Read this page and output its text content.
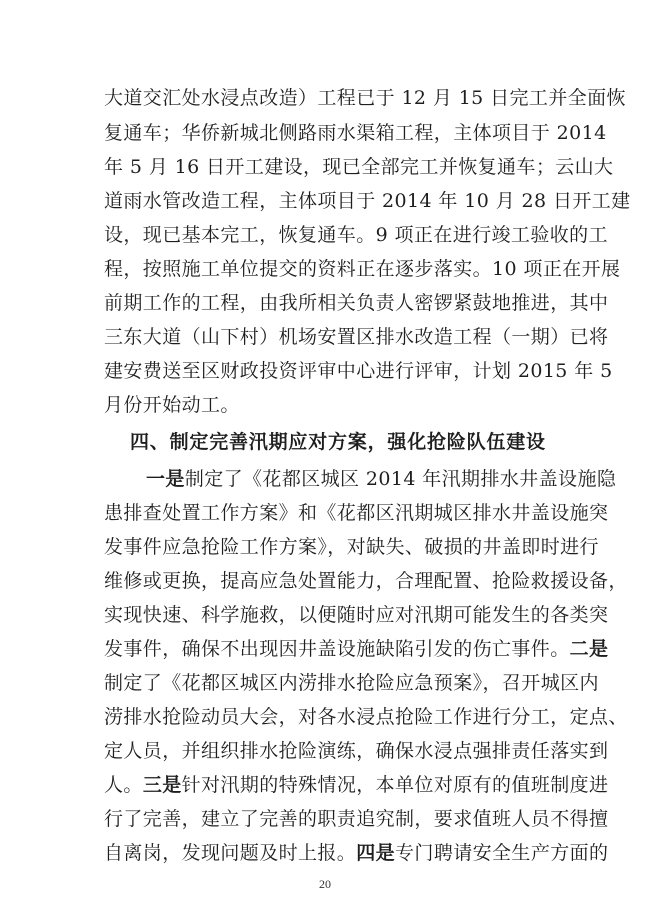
大道交汇处水浸点改造）工程已于 12 月 15 日完工并全面恢
复通车；华侨新城北侧路雨水渠箱工程，主体项目于 2014
年 5 月 16 日开工建设，现已全部完工并恢复通车；云山大
道雨水管改造工程，主体项目于 2014 年 10 月 28 日开工建
设，现已基本完工，恢复通车。9 项正在进行竣工验收的工
程，按照施工单位提交的资料正在逐步落实。10 项正在开展
前期工作的工程，由我所相关负责人密锣紧鼓地推进，其中
三东大道（山下村）机场安置区排水改造工程（一期）已将
建安费送至区财政投资评审中心进行评审，计划 2015 年 5
月份开始动工。
四、制定完善汛期应对方案，强化抢险队伍建设
一是制定了《花都区城区 2014 年汛期排水井盖设施隐
患排查处置工作方案》和《花都区汛期城区排水井盖设施突
发事件应急抢险工作方案》，对缺失、破损的井盖即时进行
维修或更换，提高应急处置能力，合理配置、抢险救援设备，
实现快速、科学施救，以便随时应对汛期可能发生的各类突
发事件，确保不出现因井盖设施缺陷引发的伤亡事件。二是
制定了《花都区城区内涝排水抢险应急预案》，召开城区内
涝排水抢险动员大会，对各水浸点抢险工作进行分工，定点、
定人员，并组织排水抢险演练，确保水浸点强排责任落实到
人。三是针对汛期的特殊情况，本单位对原有的值班制度进
行了完善，建立了完善的职责追究制，要求值班人员不得擅
自离岗，发现问题及时上报。四是专门聘请安全生产方面的
20
